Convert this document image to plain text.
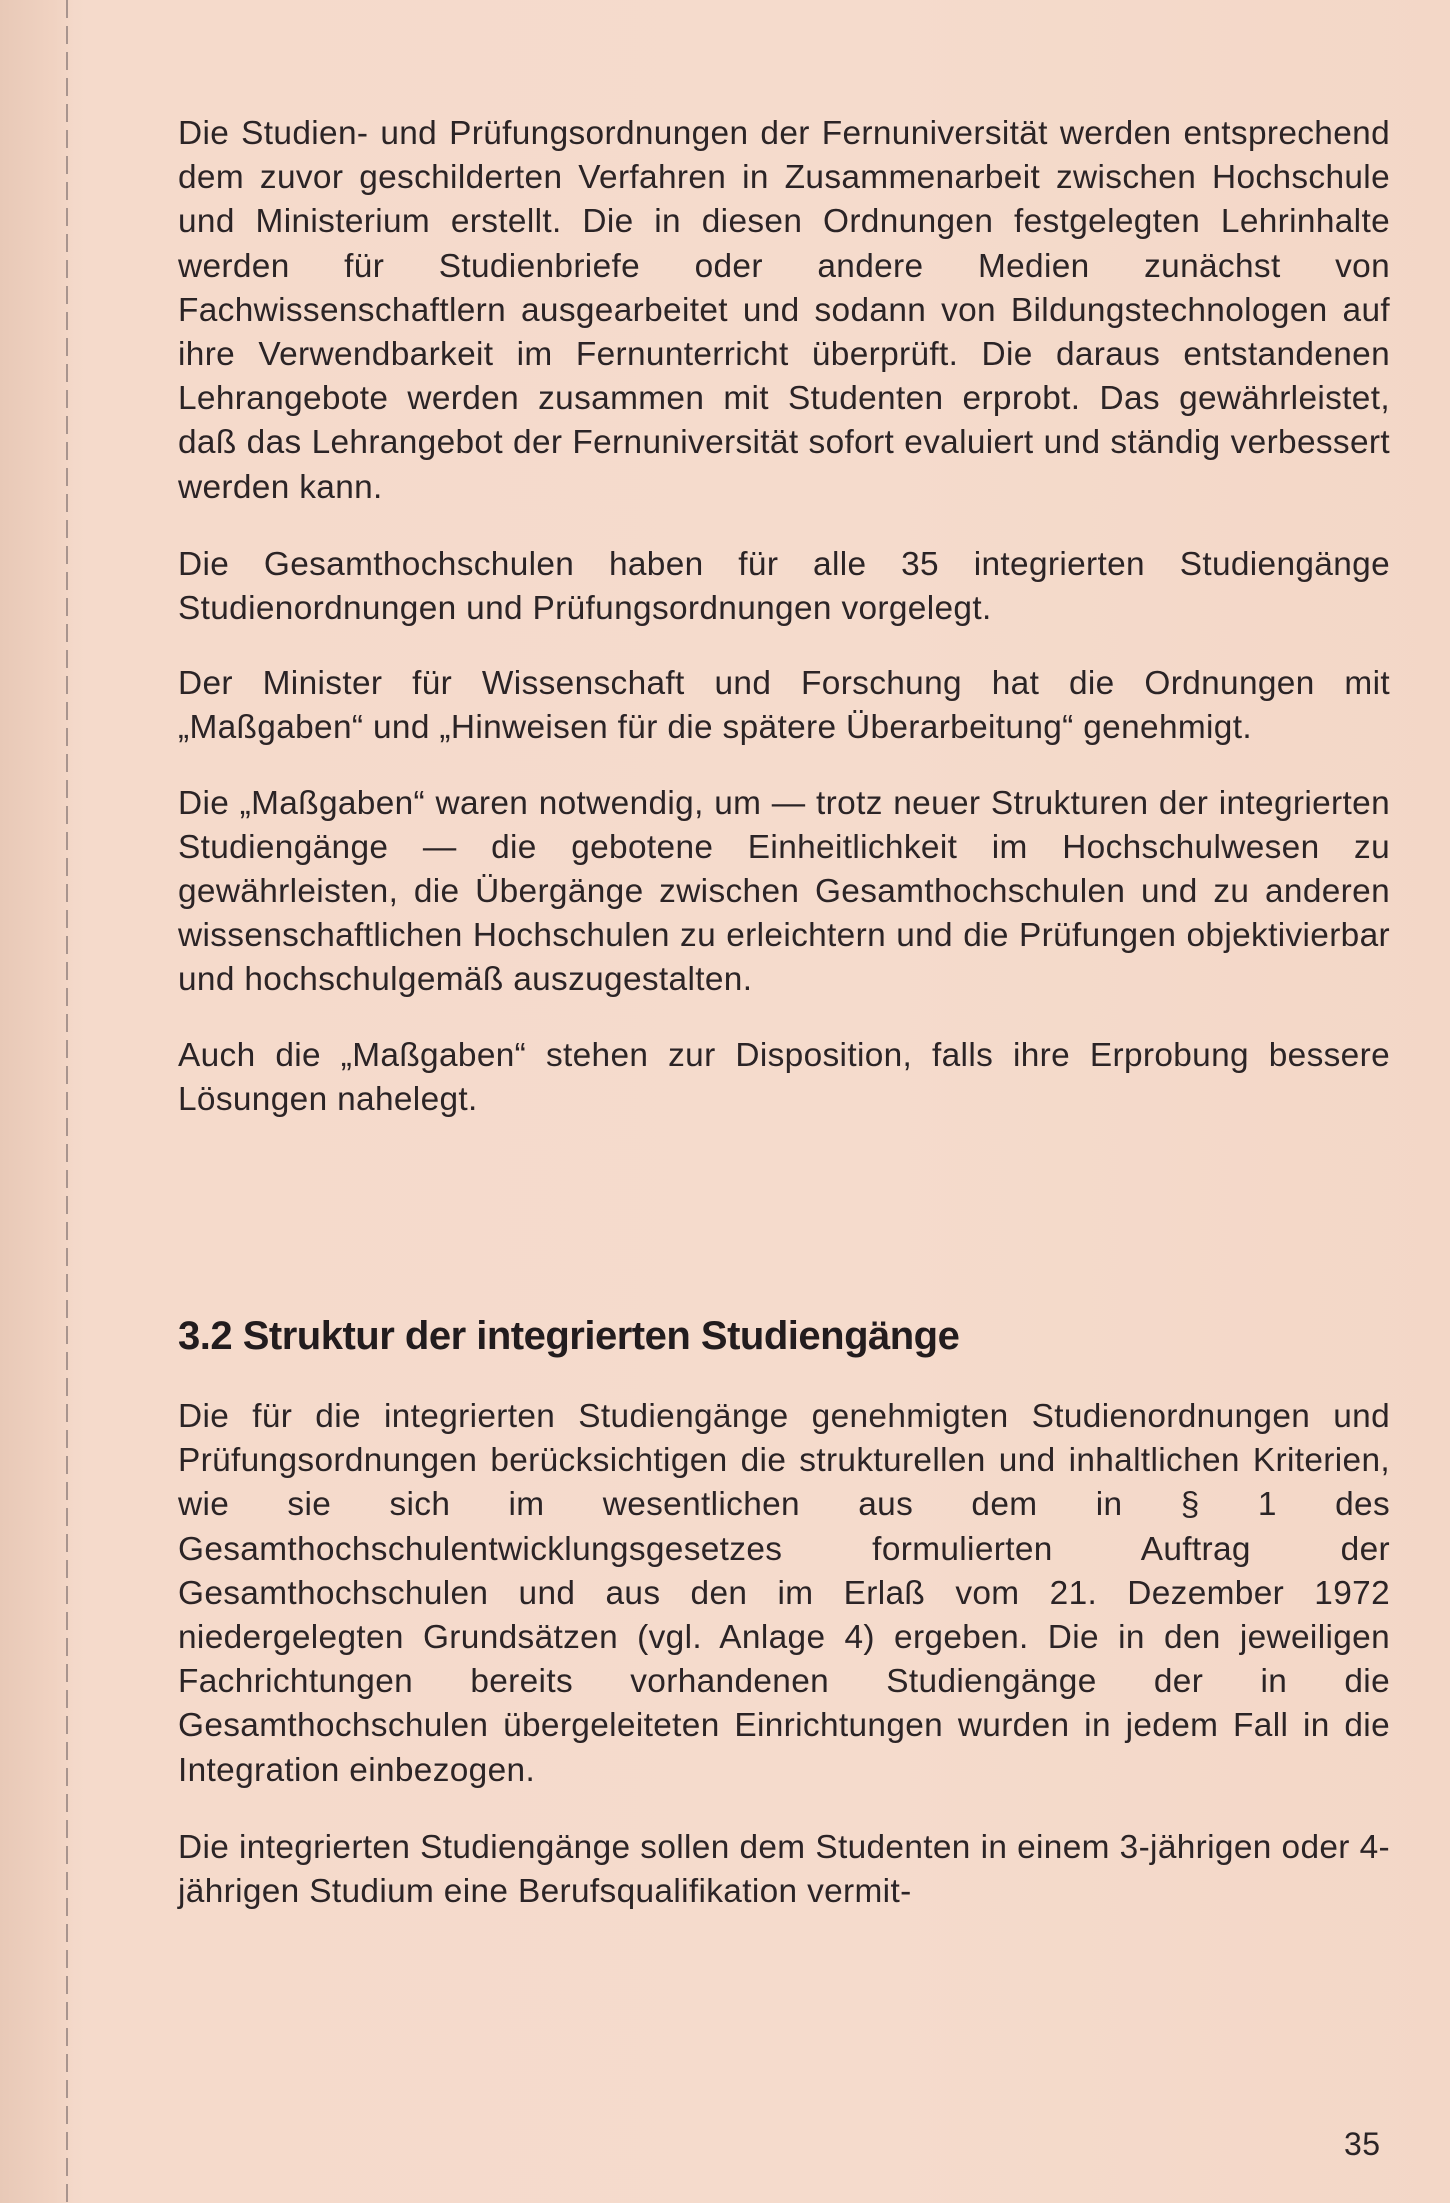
Die Studien- und Prüfungsordnungen der Fernuniversität werden entsprechend dem zuvor geschilderten Verfahren in Zusammenarbeit zwischen Hochschule und Ministerium erstellt. Die in diesen Ordnungen festgelegten Lehrinhalte werden für Studienbriefe oder andere Medien zunächst von Fachwissenschaftlern ausgearbeitet und sodann von Bildungstechnologen auf ihre Verwendbarkeit im Fernunterricht überprüft. Die daraus entstandenen Lehrangebote werden zusammen mit Studenten erprobt. Das gewährleistet, daß das Lehrangebot der Fernuniversität sofort evaluiert und ständig verbessert werden kann.

Die Gesamthochschulen haben für alle 35 integrierten Studiengänge Studienordnungen und Prüfungsordnungen vorgelegt.

Der Minister für Wissenschaft und Forschung hat die Ordnungen mit „Maßgaben“ und „Hinweisen für die spätere Überarbeitung“ genehmigt.

Die „Maßgaben“ waren notwendig, um — trotz neuer Strukturen der integrierten Studiengänge — die gebotene Einheitlichkeit im Hochschulwesen zu gewährleisten, die Übergänge zwischen Gesamthochschulen und zu anderen wissenschaftlichen Hochschulen zu erleichtern und die Prüfungen objektivierbar und hochschulgemäß auszugestalten.

Auch die „Maßgaben“ stehen zur Disposition, falls ihre Erprobung bessere Lösungen nahelegt.

3.2 Struktur der integrierten Studiengänge

Die für die integrierten Studiengänge genehmigten Studienordnungen und Prüfungsordnungen berücksichtigen die strukturellen und inhaltlichen Kriterien, wie sie sich im wesentlichen aus dem in § 1 des Gesamthochschulentwicklungsgesetzes formulierten Auftrag der Gesamthochschulen und aus den im Erlaß vom 21. Dezember 1972 niedergelegten Grundsätzen (vgl. Anlage 4) ergeben. Die in den jeweiligen Fachrichtungen bereits vorhandenen Studiengänge der in die Gesamthochschulen übergeleiteten Einrichtungen wurden in jedem Fall in die Integration einbezogen.

Die integrierten Studiengänge sollen dem Studenten in einem 3-jährigen oder 4-jährigen Studium eine Berufsqualifikation vermit-

35
